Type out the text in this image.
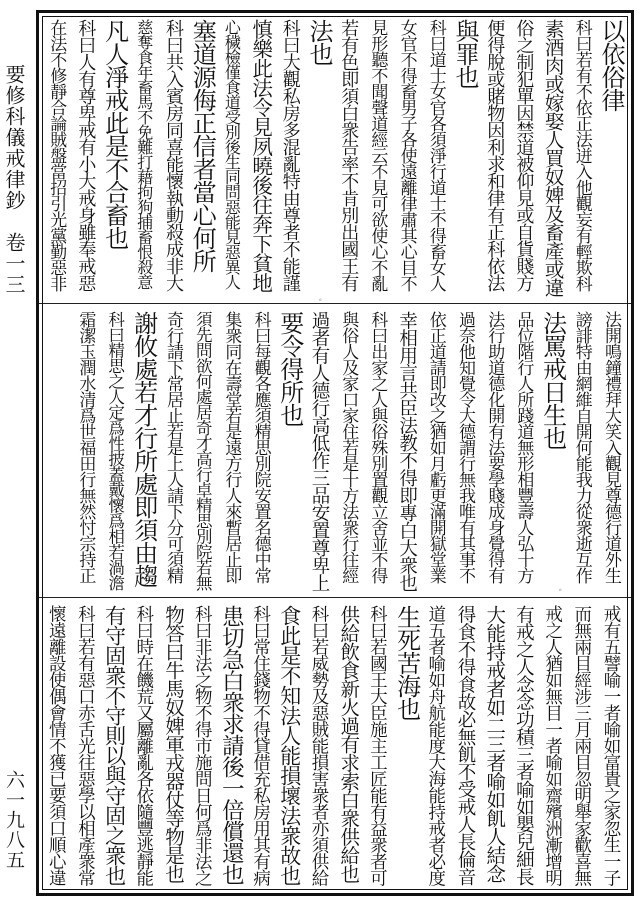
要修科儀戒律鈔　卷一三
六一九八五
以依俗律
科曰若有不依正法迸入他觀妄有輕欺科
素酒肉或嫁娶人買奴婢及畜產或違
俗之制犯單因禁道被仰見或自貨賤方
便得脫或賭物因利求和律有正科依法
與罪也
科曰道士女官各須淨行道士不得畜女人
女官不得畜男子各使遠離律肅其心目不
見形聽不聞聲道經云不見可欲使心不亂
若有色即須白衆告率不肯別出國王有
法也
科曰大觀私房多混亂特由尊者不能謹
慎樂此法令見夙曉後往奔下貧地
心穢檢僅食道受別後生同問惡能見惡異人
塞道源侮正信者當心何所
科曰共入賓房同喜能懷執動殺成非大
慈奪食年畜馬不免難打藉拘狗捕畜恨殺意
凡人淨戒此是不合畜也
科曰人有尊卑戒有小大戒身雖奉戒惡
在法不修靜合論賊盤當招引光黨勤惡非
法開鳴鐘禮拜大笑入觀見尊德行道外生
謗誹特由網維自開何能我力從衆逝互作
法罵戒日生也
品位階行人所踐道無形相豐壽人弘十方
法行助道德化開有法要學賤成身覺得有
過奈他知覺令大德謂行無我唯有其事不
依正道請即改之猶如月虧更滿開獄堂業
幸相用言共臣法教不得即專白大衆也
科曰出家之人與俗殊別置觀立舍並不得
與俗人及家口家住若是十方法衆行往經
過者有人德行高低作三品安置尊卑上
要令得所也
科曰每觀各應須精思別院安置名德中常
集衆同在壽堂若是遠方行人來暫居止即
須先問欲何處居奇才高行卓精思別院若無
奇行請下常居止若是上人請下分可須精
謝攸處若才行所處即須由趨
科曰精思之人定爲性披蓋戴懷爲相若渦澹
霜潔玉潤水清爲世福田行無然忖宗持正
戒有五譬喻一者喻如富貴之家忽生一子
而無兩目經涉三月兩目忽明舉家歡喜無
戒之人猶如無目一者喻如齋殯洲漸增明
有戒之人念念功積三者喻如嬰兒細長
大能持戒者如二三者喻如飢人結念
得食不得食故必無飢不受戒人長倫音
道五者喻如舟航能度大海能持戒者必度
生死苦海也
科曰若國王大臣施主工匠能有益衆者可
供給飲食新火過有求索白衆供給也
科曰若威勢及惡賊能損害衆者亦須供給
食此是不知法人能損壞法衆故也
科曰常住錢物不得貸借充私房用其有病
患切急白衆求請後一倍償還也
科曰非法之物不得市施問日何爲非法之
物答曰牛馬奴婢軍戎器仗等物是也
科曰時在饑荒又屬離亂各依隨豐逃靜能
有守固衆不守則以與守固之衆也
科曰若有惡口赤舌光往惡學以相產衆常
懷遠離設使偶會情不獲已要須口順心違
。
。
